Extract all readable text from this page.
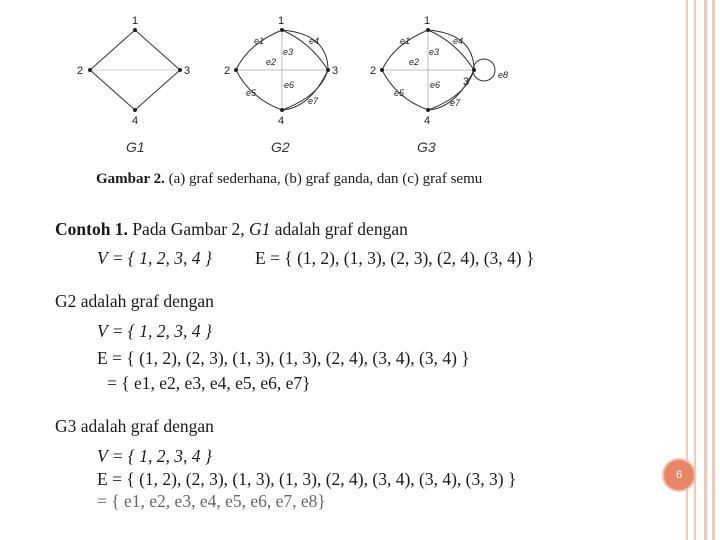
6
1
2	3
4
1
2	3
4
e1
e2
e3
e4
e5
e6
e7
1
2
3
4
e1
e2
e3
e4
e5
e6
e7
e8
G1	G2	G3
Gambar 2. (a) graf sederhana, (b) graf ganda, dan (c) graf semu
Contoh 1. Pada Gambar 2, G1 adalah graf dengan
V = { 1, 2, 3, 4 } E = { (1, 2), (1, 3), (2, 3), (2, 4), (3, 4) }
G2 adalah graf dengan
V = { 1, 2, 3, 4 }
E = { (1, 2), (2, 3), (1, 3), (1, 3), (2, 4), (3, 4), (3, 4) }
= { e1, e2, e3, e4, e5, e6, e7}
G3 adalah graf dengan
V = { 1, 2, 3, 4 }
E = { (1, 2), (2, 3), (1, 3), (1, 3), (2, 4), (3, 4), (3, 4), (3, 3) }
= { e1, e2, e3, e4, e5, e6, e7, e8}
